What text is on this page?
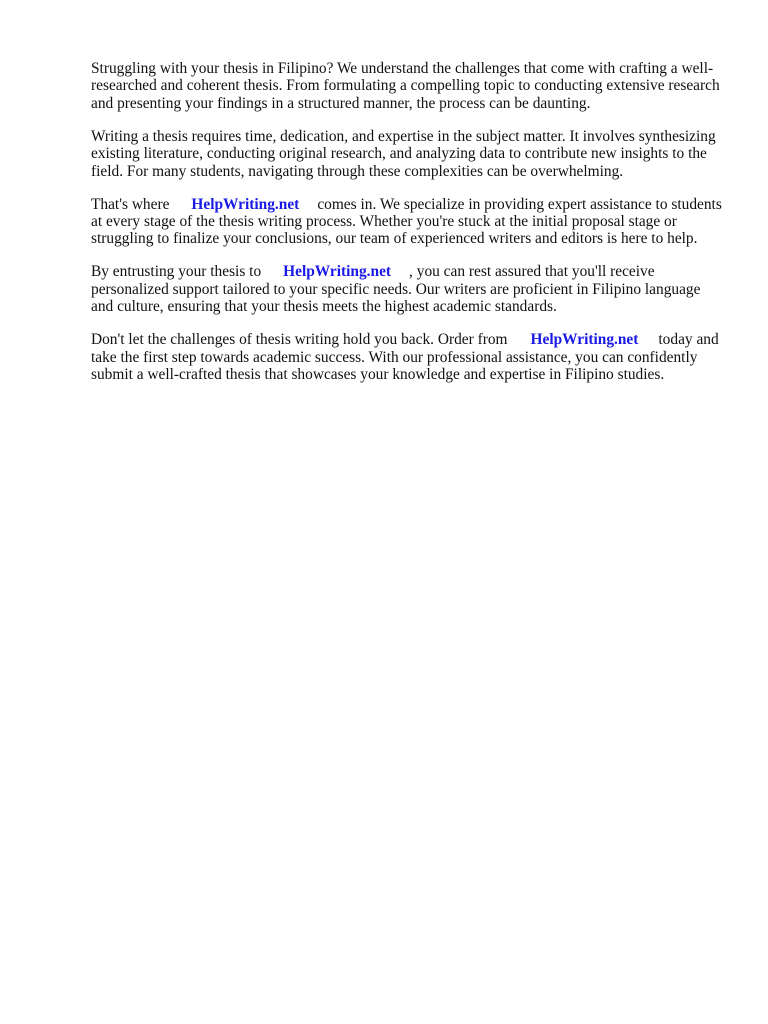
Struggling with your thesis in Filipino? We understand the challenges that come with crafting a well-researched and coherent thesis. From formulating a compelling topic to conducting extensive research and presenting your findings in a structured manner, the process can be daunting.

Writing a thesis requires time, dedication, and expertise in the subject matter. It involves synthesizing existing literature, conducting original research, and analyzing data to contribute new insights to the field. For many students, navigating through these complexities can be overwhelming.

That's where HelpWriting.net comes in. We specialize in providing expert assistance to students at every stage of the thesis writing process. Whether you're stuck at the initial proposal stage or struggling to finalize your conclusions, our team of experienced writers and editors is here to help.

By entrusting your thesis to HelpWriting.net , you can rest assured that you'll receive personalized support tailored to your specific needs. Our writers are proficient in Filipino language and culture, ensuring that your thesis meets the highest academic standards.

Don't let the challenges of thesis writing hold you back. Order from HelpWriting.net today and take the first step towards academic success. With our professional assistance, you can confidently submit a well-crafted thesis that showcases your knowledge and expertise in Filipino studies.
